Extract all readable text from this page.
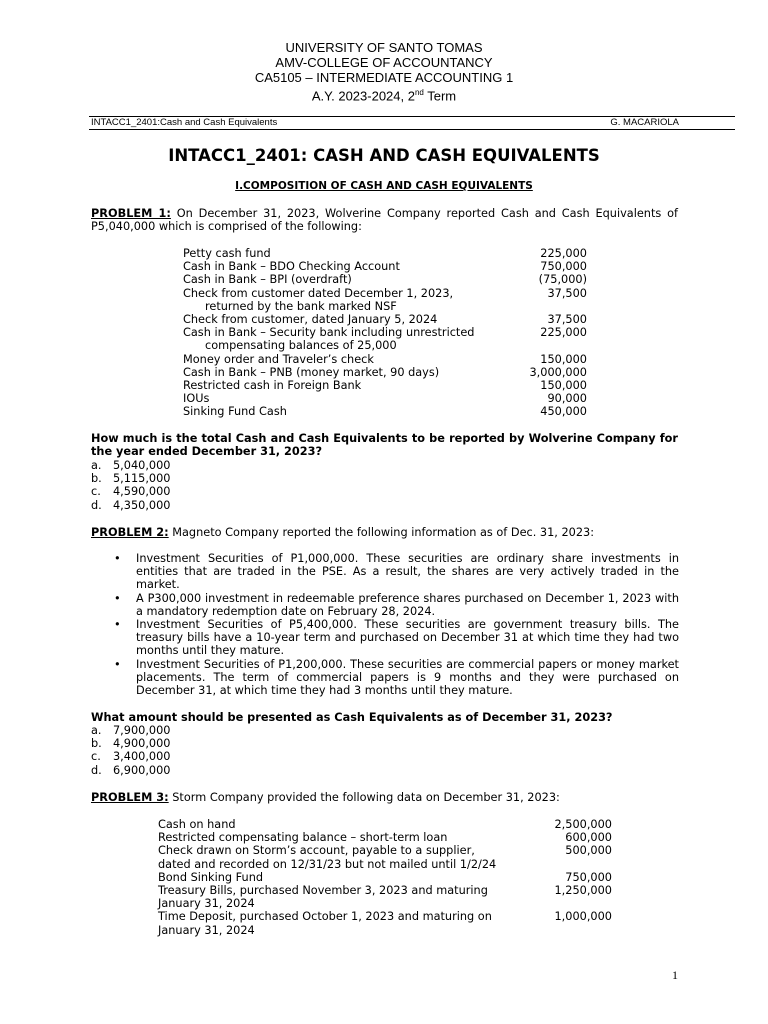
UNIVERSITY OF SANTO TOMAS
AMV-COLLEGE OF ACCOUNTANCY
CA5105 – INTERMEDIATE ACCOUNTING 1
A.Y. 2023-2024, 2nd Term
INTACC1_2401:Cash and Cash Equivalents	G. MACARIOLA
INTACC1_2401: CASH AND CASH EQUIVALENTS
I.COMPOSITION OF CASH AND CASH EQUIVALENTS
PROBLEM 1: On December 31, 2023, Wolverine Company reported Cash and Cash Equivalents of P5,040,000 which is comprised of the following:
Petty cash fund	225,000
Cash in Bank – BDO Checking Account	750,000
Cash in Bank – BPI (overdraft)	(75,000)
Check from customer dated December 1, 2023,	37,500
returned by the bank marked NSF
Check from customer, dated January 5, 2024	37,500
Cash in Bank – Security bank including unrestricted	225,000
compensating balances of 25,000
Money order and Traveler’s check	150,000
Cash in Bank – PNB (money market, 90 days)	3,000,000
Restricted cash in Foreign Bank	150,000
IOUs	90,000
Sinking Fund Cash	450,000
How much is the total Cash and Cash Equivalents to be reported by Wolverine Company for the year ended December 31, 2023?
a. 5,040,000
b. 5,115,000
c. 4,590,000
d. 4,350,000
PROBLEM 2: Magneto Company reported the following information as of Dec. 31, 2023:
• Investment Securities of P1,000,000. These securities are ordinary share investments in entities that are traded in the PSE. As a result, the shares are very actively traded in the market.
• A P300,000 investment in redeemable preference shares purchased on December 1, 2023 with a mandatory redemption date on February 28, 2024.
• Investment Securities of P5,400,000. These securities are government treasury bills. The treasury bills have a 10-year term and purchased on December 31 at which time they had two months until they mature.
• Investment Securities of P1,200,000. These securities are commercial papers or money market placements. The term of commercial papers is 9 months and they were purchased on December 31, at which time they had 3 months until they mature.
What amount should be presented as Cash Equivalents as of December 31, 2023?
a. 7,900,000
b. 4,900,000
c. 3,400,000
d. 6,900,000
PROBLEM 3: Storm Company provided the following data on December 31, 2023:
Cash on hand	2,500,000
Restricted compensating balance – short-term loan	600,000
Check drawn on Storm’s account, payable to a supplier,	500,000
dated and recorded on 12/31/23 but not mailed until 1/2/24
Bond Sinking Fund	750,000
Treasury Bills, purchased November 3, 2023 and maturing	1,250,000
January 31, 2024
Time Deposit, purchased October 1, 2023 and maturing on	1,000,000
January 31, 2024
1
